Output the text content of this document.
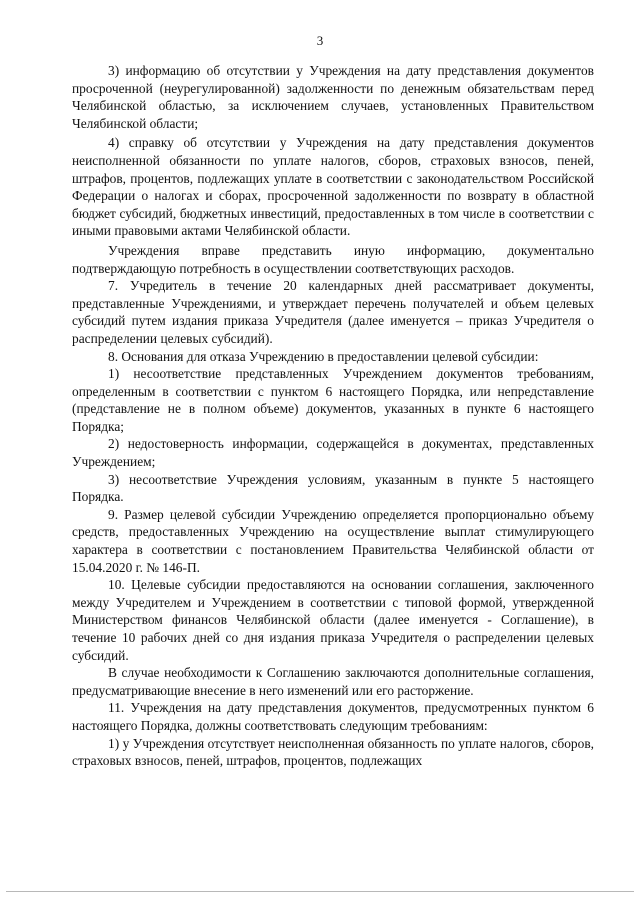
3

3) информацию об отсутствии у Учреждения на дату представления документов просроченной (неурегулированной) задолженности по денежным обязательствам перед Челябинской областью, за исключением случаев, установленных Правительством Челябинской области;

4) справку об отсутствии у Учреждения на дату представления документов неисполненной обязанности по уплате налогов, сборов, страховых взносов, пеней, штрафов, процентов, подлежащих уплате в соответствии с законодательством Российской Федерации о налогах и сборах, просроченной задолженности по возврату в областной бюджет субсидий, бюджетных инвестиций, предоставленных в том числе в соответствии с иными правовыми актами Челябинской области.

Учреждения вправе представить иную информацию, документально подтверждающую потребность в осуществлении соответствующих расходов.

7. Учредитель в течение 20 календарных дней рассматривает документы, представленные Учреждениями, и утверждает перечень получателей и объем целевых субсидий путем издания приказа Учредителя (далее именуется – приказ Учредителя о распределении целевых субсидий).

8. Основания для отказа Учреждению в предоставлении целевой субсидии:

1) несоответствие представленных Учреждением документов требованиям, определенным в соответствии с пунктом 6 настоящего Порядка, или непредставление (представление не в полном объеме) документов, указанных в пункте 6 настоящего Порядка;

2) недостоверность информации, содержащейся в документах, представленных Учреждением;

3) несоответствие Учреждения условиям, указанным в пункте 5 настоящего Порядка.

9. Размер целевой субсидии Учреждению определяется пропорционально объему средств, предоставленных Учреждению на осуществление выплат стимулирующего характера в соответствии с постановлением Правительства Челябинской области от 15.04.2020 г. № 146-П.

10. Целевые субсидии предоставляются на основании соглашения, заключенного между Учредителем и Учреждением в соответствии с типовой формой, утвержденной Министерством финансов Челябинской области (далее именуется - Соглашение), в течение 10 рабочих дней со дня издания приказа Учредителя о распределении целевых субсидий.

В случае необходимости к Соглашению заключаются дополнительные соглашения, предусматривающие внесение в него изменений или его расторжение.

11. Учреждения на дату представления документов, предусмотренных пунктом 6 настоящего Порядка, должны соответствовать следующим требованиям:

1) у Учреждения отсутствует неисполненная обязанность по уплате налогов, сборов, страховых взносов, пеней, штрафов, процентов, подлежащих
